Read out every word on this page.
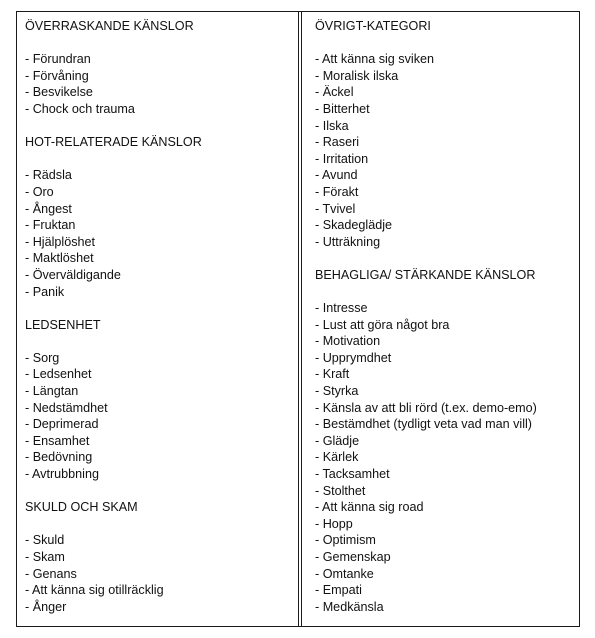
ÖVERRASKANDE KÄNSLOR
- Förundran
- Förvåning
- Besvikelse
- Chock och trauma
HOT-RELATERADE KÄNSLOR
- Rädsla
- Oro
- Ångest
- Fruktan
- Hjälplöshet
- Maktlöshet
- Överväldigande
- Panik
LEDSENHET
- Sorg
- Ledsenhet
- Längtan
- Nedstämdhet
- Deprimerad
- Ensamhet
- Bedövning
- Avtrubbning
SKULD OCH SKAM
- Skuld
- Skam
- Genans
- Att känna sig otillräcklig
- Ånger
ÖVRIGT-KATEGORI
- Att känna sig sviken
- Moralisk ilska
- Äckel
- Bitterhet
- Ilska
- Raseri
- Irritation
- Avund
- Förakt
- Tvivel
- Skadeglädje
- Utträkning
BEHAGLIGA/ STÄRKANDE KÄNSLOR
- Intresse
- Lust att göra något bra
- Motivation
- Upprymdhet
- Kraft
- Styrka
- Känsla av att bli rörd (t.ex. demo-emo)
- Bestämdhet (tydligt veta vad man vill)
- Glädje
- Kärlek
- Tacksamhet
- Stolthet
- Att känna sig road
- Hopp
- Optimism
- Gemenskap
- Omtanke
- Empati
- Medkänsla
